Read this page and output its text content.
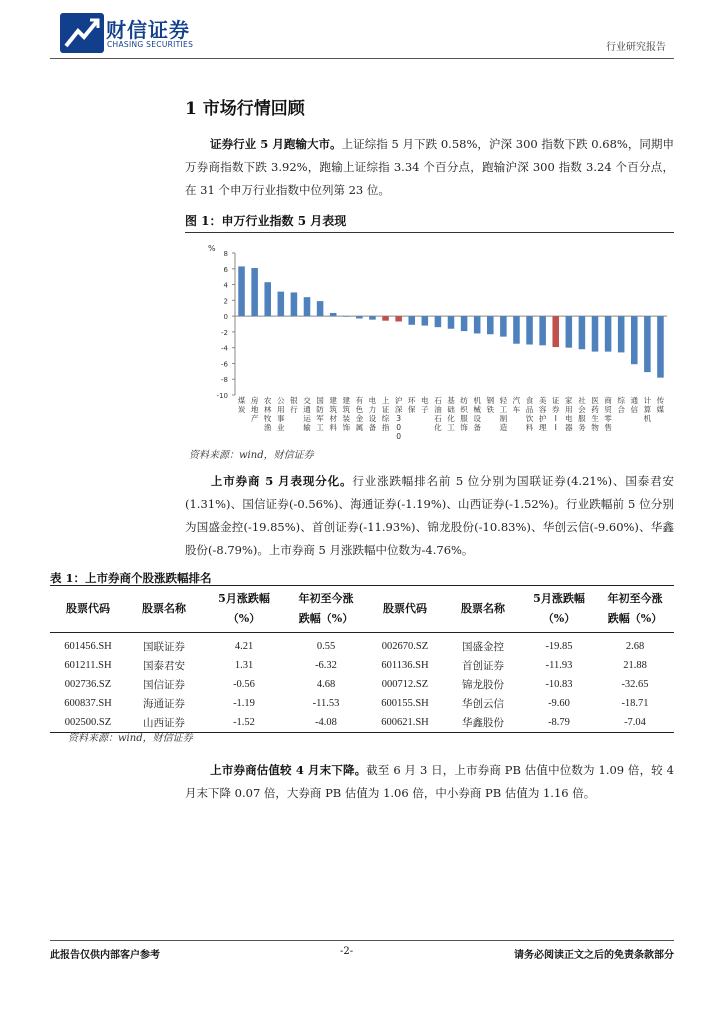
财信证券
CHASING SECURITIES	行业研究报告
1 市场行情回顾
证券行业 5 月跑输大市。上证综指 5 月下跌 0.58%，沪深 300 指数下跌 0.68%，同期申万券商指数下跌 3.92%，跑输上证综指 3.34 个百分点，跑输沪深 300 指数 3.24 个百分点，在 31 个申万行业指数中位列第 23 位。
图 1：申万行业指数 5 月表现
%
8
6
4
2
0
-2
-4
-6
-8
-10 煤炭
房地产
农林牧渔
公用事业
银行
交通运输
国防军工
建筑材料
建筑装饰
有色金属
电力设备
上证综指
沪深 3 0 0
环保
电子
石油石化
基础化工
纺织服饰
机械设备
钢铁
轻工制造
汽车
食品饮料
美容护理
证券 I I
家用电器
社会服务
医药生物
商贸零售
综合
通信
计算机
传媒
资料来源：wind，财信证券
上市券商 5 月表现分化。行业涨跌幅排名前 5 位分别为国联证券(4.21%)、国泰君安(1.31%)、国信证券(-0.56%)、海通证券(-1.19%)、山西证券(-1.52%)。行业跌幅前 5 位分别为国盛金控(-19.85%)、首创证券(-11.93%)、锦龙股份(-10.83%)、华创云信(-9.60%)、华鑫股份(-8.79%)。上市券商 5 月涨跌幅中位数为-4.76%。
表 1：上市券商个股涨跌幅排名
股票代码	股票名称	5月涨跌幅
（%）	年初至今涨
跌幅（%）	股票代码	股票名称	5月涨跌幅
（%）	年初至今涨
跌幅（%）
601456.SH	国联证券	4.21	0.55	002670.SZ	国盛金控	-19.85	2.68
601211.SH	国泰君安	1.31	-6.32	601136.SH	首创证券	-11.93	21.88
002736.SZ	国信证券	-0.56	4.68	000712.SZ	锦龙股份	-10.83	-32.65
600837.SH	海通证券	-1.19	-11.53	600155.SH	华创云信	-9.60	-18.71
002500.SZ	山西证券	-1.52	-4.08	600621.SH	华鑫股份	-8.79	-7.04
资料来源：wind，财信证券
上市券商估值较 4 月末下降。截至 6 月 3 日，上市券商 PB 估值中位数为 1.09 倍，较 4 月末下降 0.07 倍，大券商 PB 估值为 1.06 倍，中小券商 PB 估值为 1.16 倍。
此报告仅供内部客户参考	-2-	请务必阅读正文之后的免责条款部分
